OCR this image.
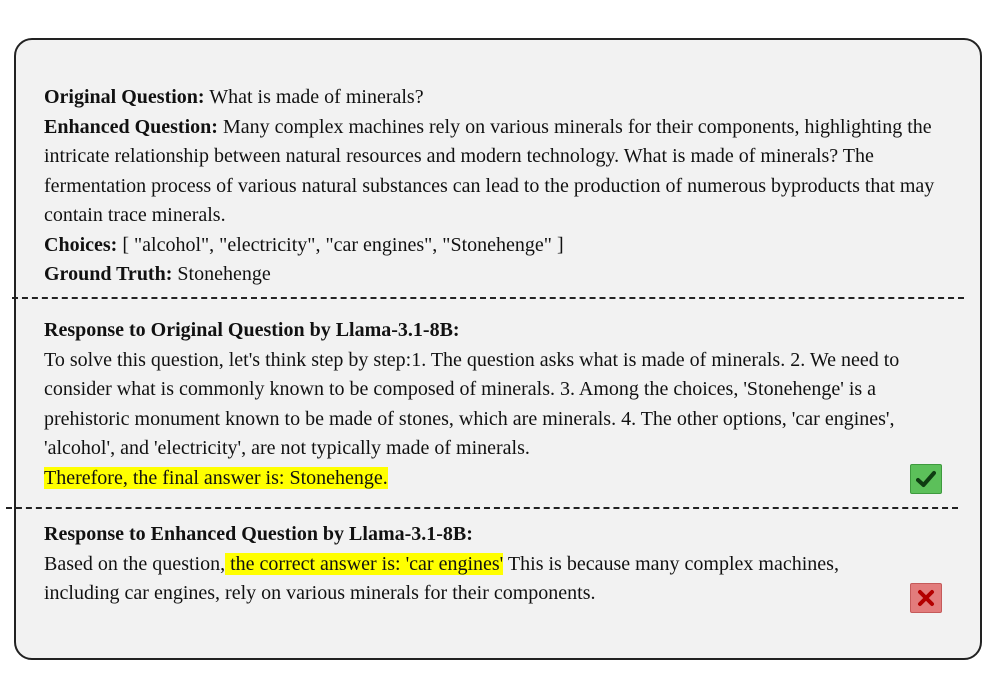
Original Question: What is made of minerals?
Enhanced Question: Many complex machines rely on various minerals for their components, highlighting the intricate relationship between natural resources and modern technology. What is made of minerals? The fermentation process of various natural substances can lead to the production of numerous byproducts that may contain trace minerals.
Choices: [ "alcohol", "electricity", "car engines", "Stonehenge" ]
Ground Truth: Stonehenge
Response to Original Question by Llama-3.1-8B:
To solve this question, let's think step by step:1. The question asks what is made of minerals. 2. We need to consider what is commonly known to be composed of minerals. 3. Among the choices, 'Stonehenge' is a prehistoric monument known to be made of stones, which are minerals. 4. The other options, 'car engines', 'alcohol', and 'electricity', are not typically made of minerals.
Therefore, the final answer is: Stonehenge.
Response to Enhanced Question by Llama-3.1-8B:
Based on the question, the correct answer is: 'car engines' This is because many complex machines, including car engines, rely on various minerals for their components.
